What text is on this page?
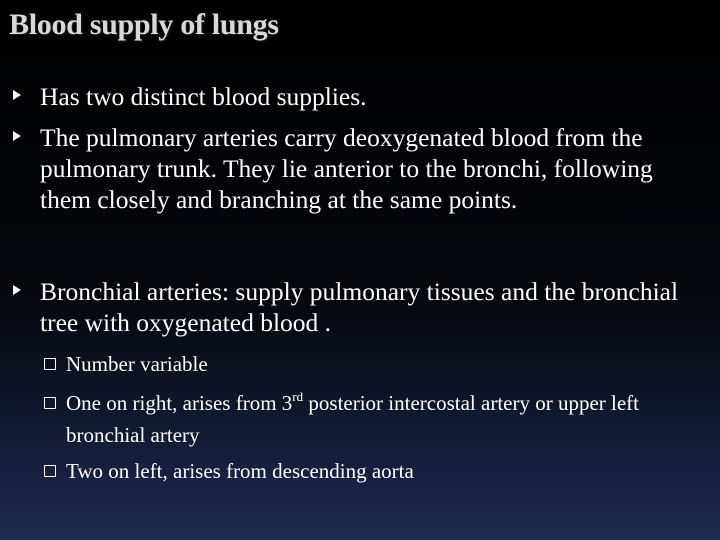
Blood supply of lungs
Has two distinct blood supplies.
The pulmonary arteries carry deoxygenated blood from the pulmonary trunk. They lie anterior to the bronchi, following them closely and branching at the same points.
Bronchial arteries: supply pulmonary tissues and the bronchial tree with oxygenated blood .
Number variable
One on right, arises from 3rd posterior intercostal artery or upper left bronchial artery
Two on left, arises from descending aorta
